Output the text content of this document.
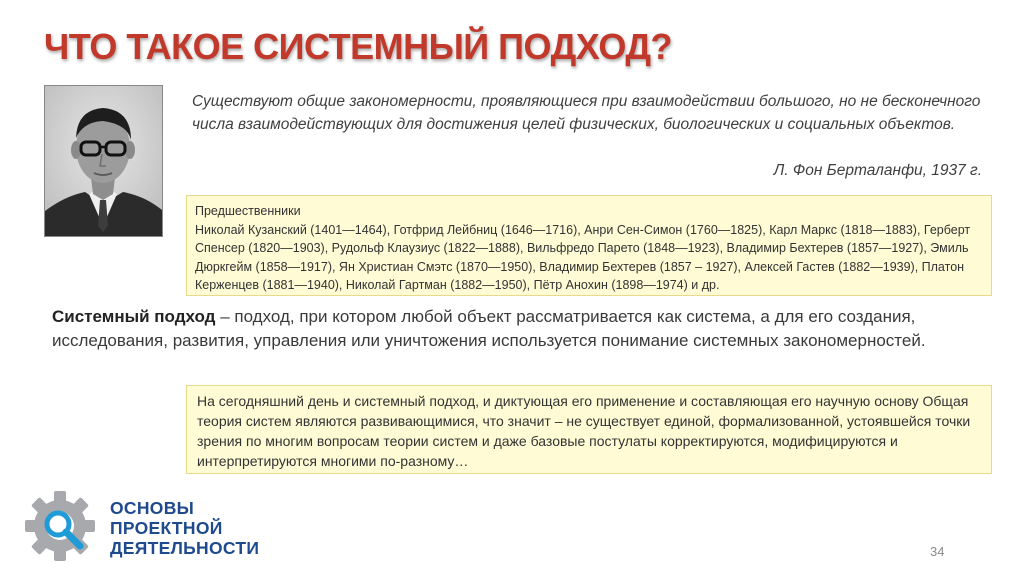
ЧТО ТАКОЕ СИСТЕМНЫЙ ПОДХОД?
Существуют общие закономерности, проявляющиеся при взаимодействии большого, но не бесконечного числа взаимодействующих для достижения целей физических, биологических и социальных объектов.
Л. Фон Берталанфи, 1937 г.
Предшественники
Николай Кузанский (1401—1464), Готфрид Лейбниц (1646—1716), Анри Сен-Симон (1760—1825), Карл Маркс (1818—1883), Герберт Спенсер (1820—1903), Рудольф Клаузиус (1822—1888), Вильфредо Парето (1848—1923), Владимир Бехтерев (1857—1927), Эмиль Дюркгейм (1858—1917), Ян Христиан Смэтс (1870—1950), Владимир Бехтерев (1857 – 1927), Алексей Гастев (1882—1939), Платон Керженцев (1881—1940), Николай Гартман (1882—1950), Пётр Анохин (1898—1974) и др.
Системный подход – подход, при котором любой объект рассматривается как система, а для его создания, исследования, развития, управления или уничтожения используется понимание системных закономерностей.
На сегодняшний день и системный подход, и диктующая его применение и составляющая его научную основу Общая теория систем являются развивающимися, что значит – не существует единой, формализованной, устоявшейся точки зрения по многим вопросам теории систем и даже базовые постулаты корректируются, модифицируются и интерпретируются многими по-разному…
ОСНОВЫ
ПРОЕКТНОЙ
ДЕЯТЕЛЬНОСТИ	34
